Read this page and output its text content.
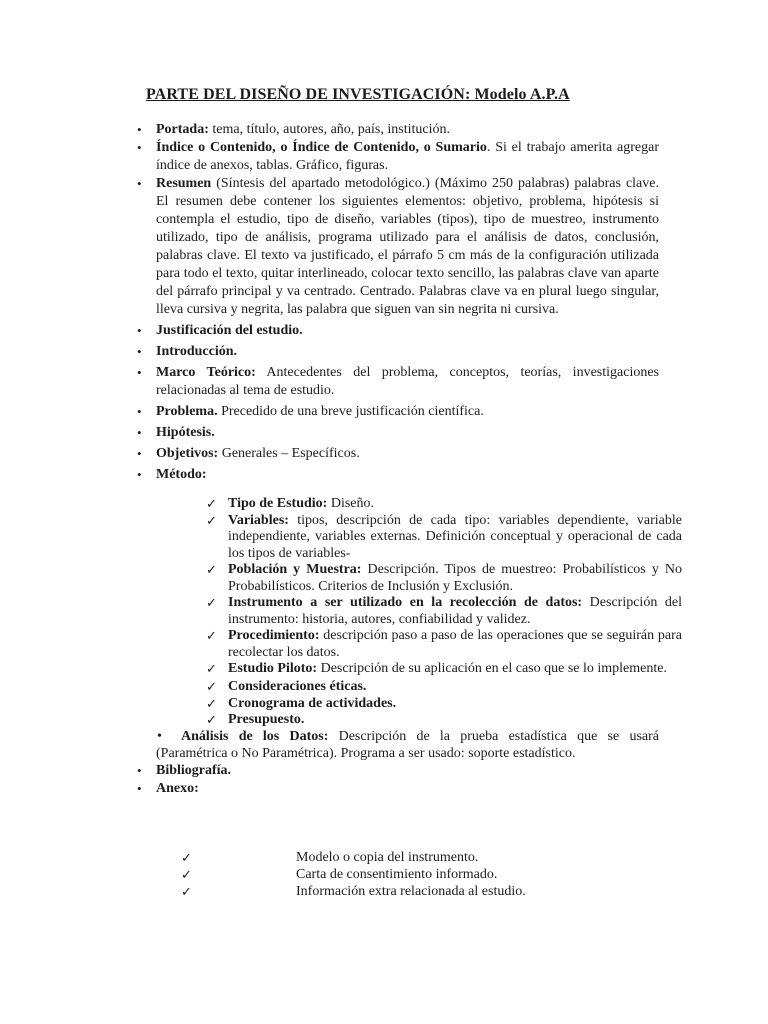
PARTE DEL DISEÑO DE INVESTIGACIÓN: Modelo A.P.A
• Portada: tema, título, autores, año, país, institución.
• Índice o Contenido, o Índice de Contenido, o Sumario. Si el trabajo amerita agregar índice de anexos, tablas. Gráfico, figuras.
• Resumen (Síntesis del apartado metodológico.) (Máximo 250 palabras) palabras clave. El resumen debe contener los siguientes elementos: objetivo, problema, hipótesis si contempla el estudio, tipo de diseño, variables (tipos), tipo de muestreo, instrumento utilizado, tipo de análisis, programa utilizado para el análisis de datos, conclusión, palabras clave. El texto va justificado, el párrafo 5 cm más de la configuración utilizada para todo el texto, quitar interlineado, colocar texto sencillo, las palabras clave van aparte del párrafo principal y va centrado. Centrado. Palabras clave va en plural luego singular, lleva cursiva y negrita, las palabra que siguen van sin negrita ni cursiva.
• Justificación del estudio.
• Introducción.
• Marco Teórico: Antecedentes del problema, conceptos, teorías, investigaciones relacionadas al tema de estudio.
• Problema. Precedido de una breve justificación científica.
• Hipótesis.
• Objetivos: Generales – Específicos.
• Método:
✓ Tipo de Estudio: Diseño.
✓ Variables: tipos, descripción de cada tipo: variables dependiente, variable independiente, variables externas. Definición conceptual y operacional de cada los tipos de variables-
✓ Población y Muestra: Descripción. Tipos de muestreo: Probabilísticos y No Probabilísticos. Criterios de Inclusión y Exclusión.
✓ Instrumento a ser utilizado en la recolección de datos: Descripción del instrumento: historia, autores, confiabilidad y validez.
✓ Procedimiento: descripción paso a paso de las operaciones que se seguirán para recolectar los datos.
✓ Estudio Piloto: Descripción de su aplicación en el caso que se lo implemente.
✓ Consideraciones éticas.
✓ Cronograma de actividades.
✓ Presupuesto.
• Análisis de los Datos: Descripción de la prueba estadística que se usará (Paramétrica o No Paramétrica). Programa a ser usado: soporte estadístico.
• Bibliografía.
• Anexo:
✓	Modelo o copia del instrumento.
✓	Carta de consentimiento informado.
✓	Información extra relacionada al estudio.
